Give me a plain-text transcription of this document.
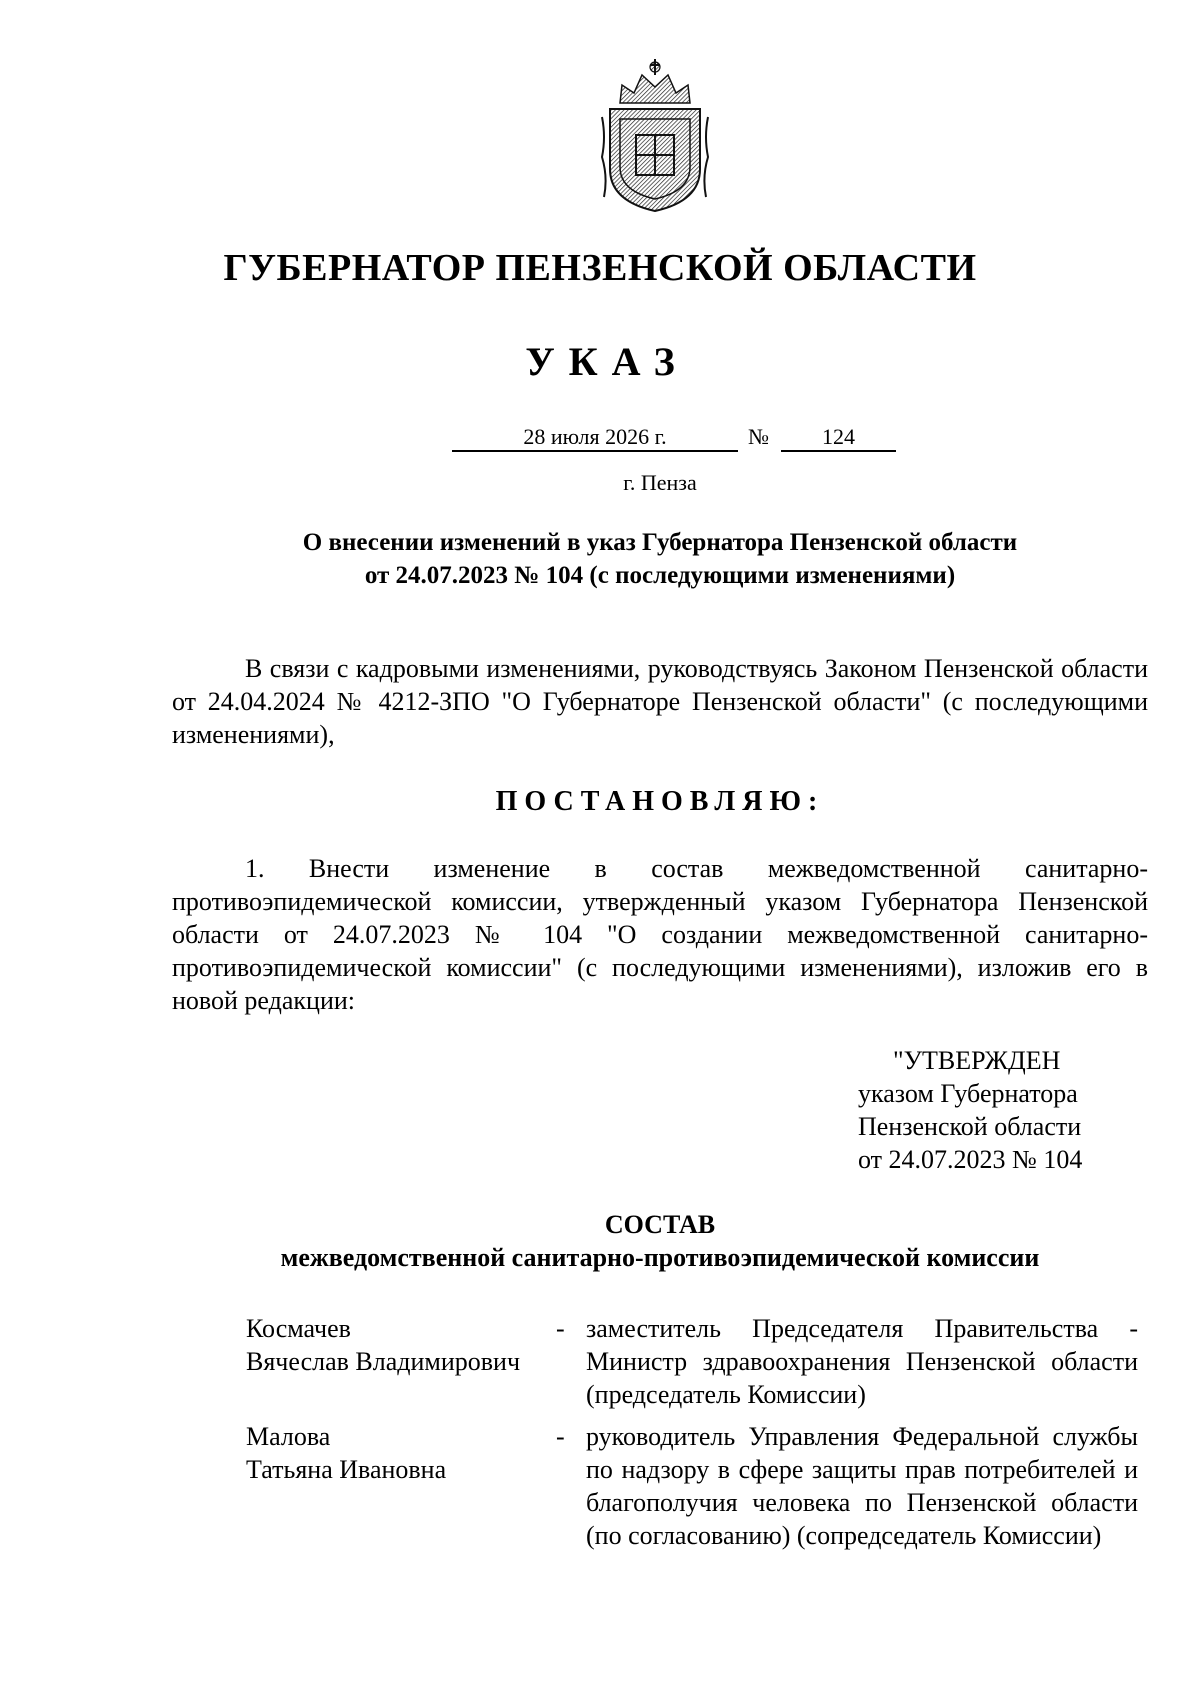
ГУБЕРНАТОР ПЕНЗЕНСКОЙ ОБЛАСТИ
УКАЗ
28 июля 2026 г.	№	124
г. Пенза
О внесении изменений в указ Губернатора Пензенской области
от 24.07.2023 № 104 (с последующими изменениями)
В связи с кадровыми изменениями, руководствуясь Законом Пензенской области от 24.04.2024 № 4212-ЗПО "О Губернаторе Пензенской области" (с последующими изменениями),
ПОСТАНОВЛЯЮ:
1. Внести изменение в состав межведомственной санитарно-противоэпидемической комиссии, утвержденный указом Губернатора Пензенской области от 24.07.2023 № 104 "О создании межведомственной санитарно-противоэпидемической комиссии" (с последующими изменениями), изложив его в новой редакции:
"УТВЕРЖДЕН
указом Губернатора
Пензенской области
от 24.07.2023 № 104
СОСТАВ
межведомственной санитарно-противоэпидемической комиссии
Космачев
Вячеслав Владимирович
- заместитель Председателя Правительства - Министр здравоохранения Пензенской области (председатель Комиссии)
Малова
Татьяна Ивановна
- руководитель Управления Федеральной службы по надзору в сфере защиты прав потребителей и благополучия человека по Пензенской области (по согласованию) (сопредседатель Комиссии)
